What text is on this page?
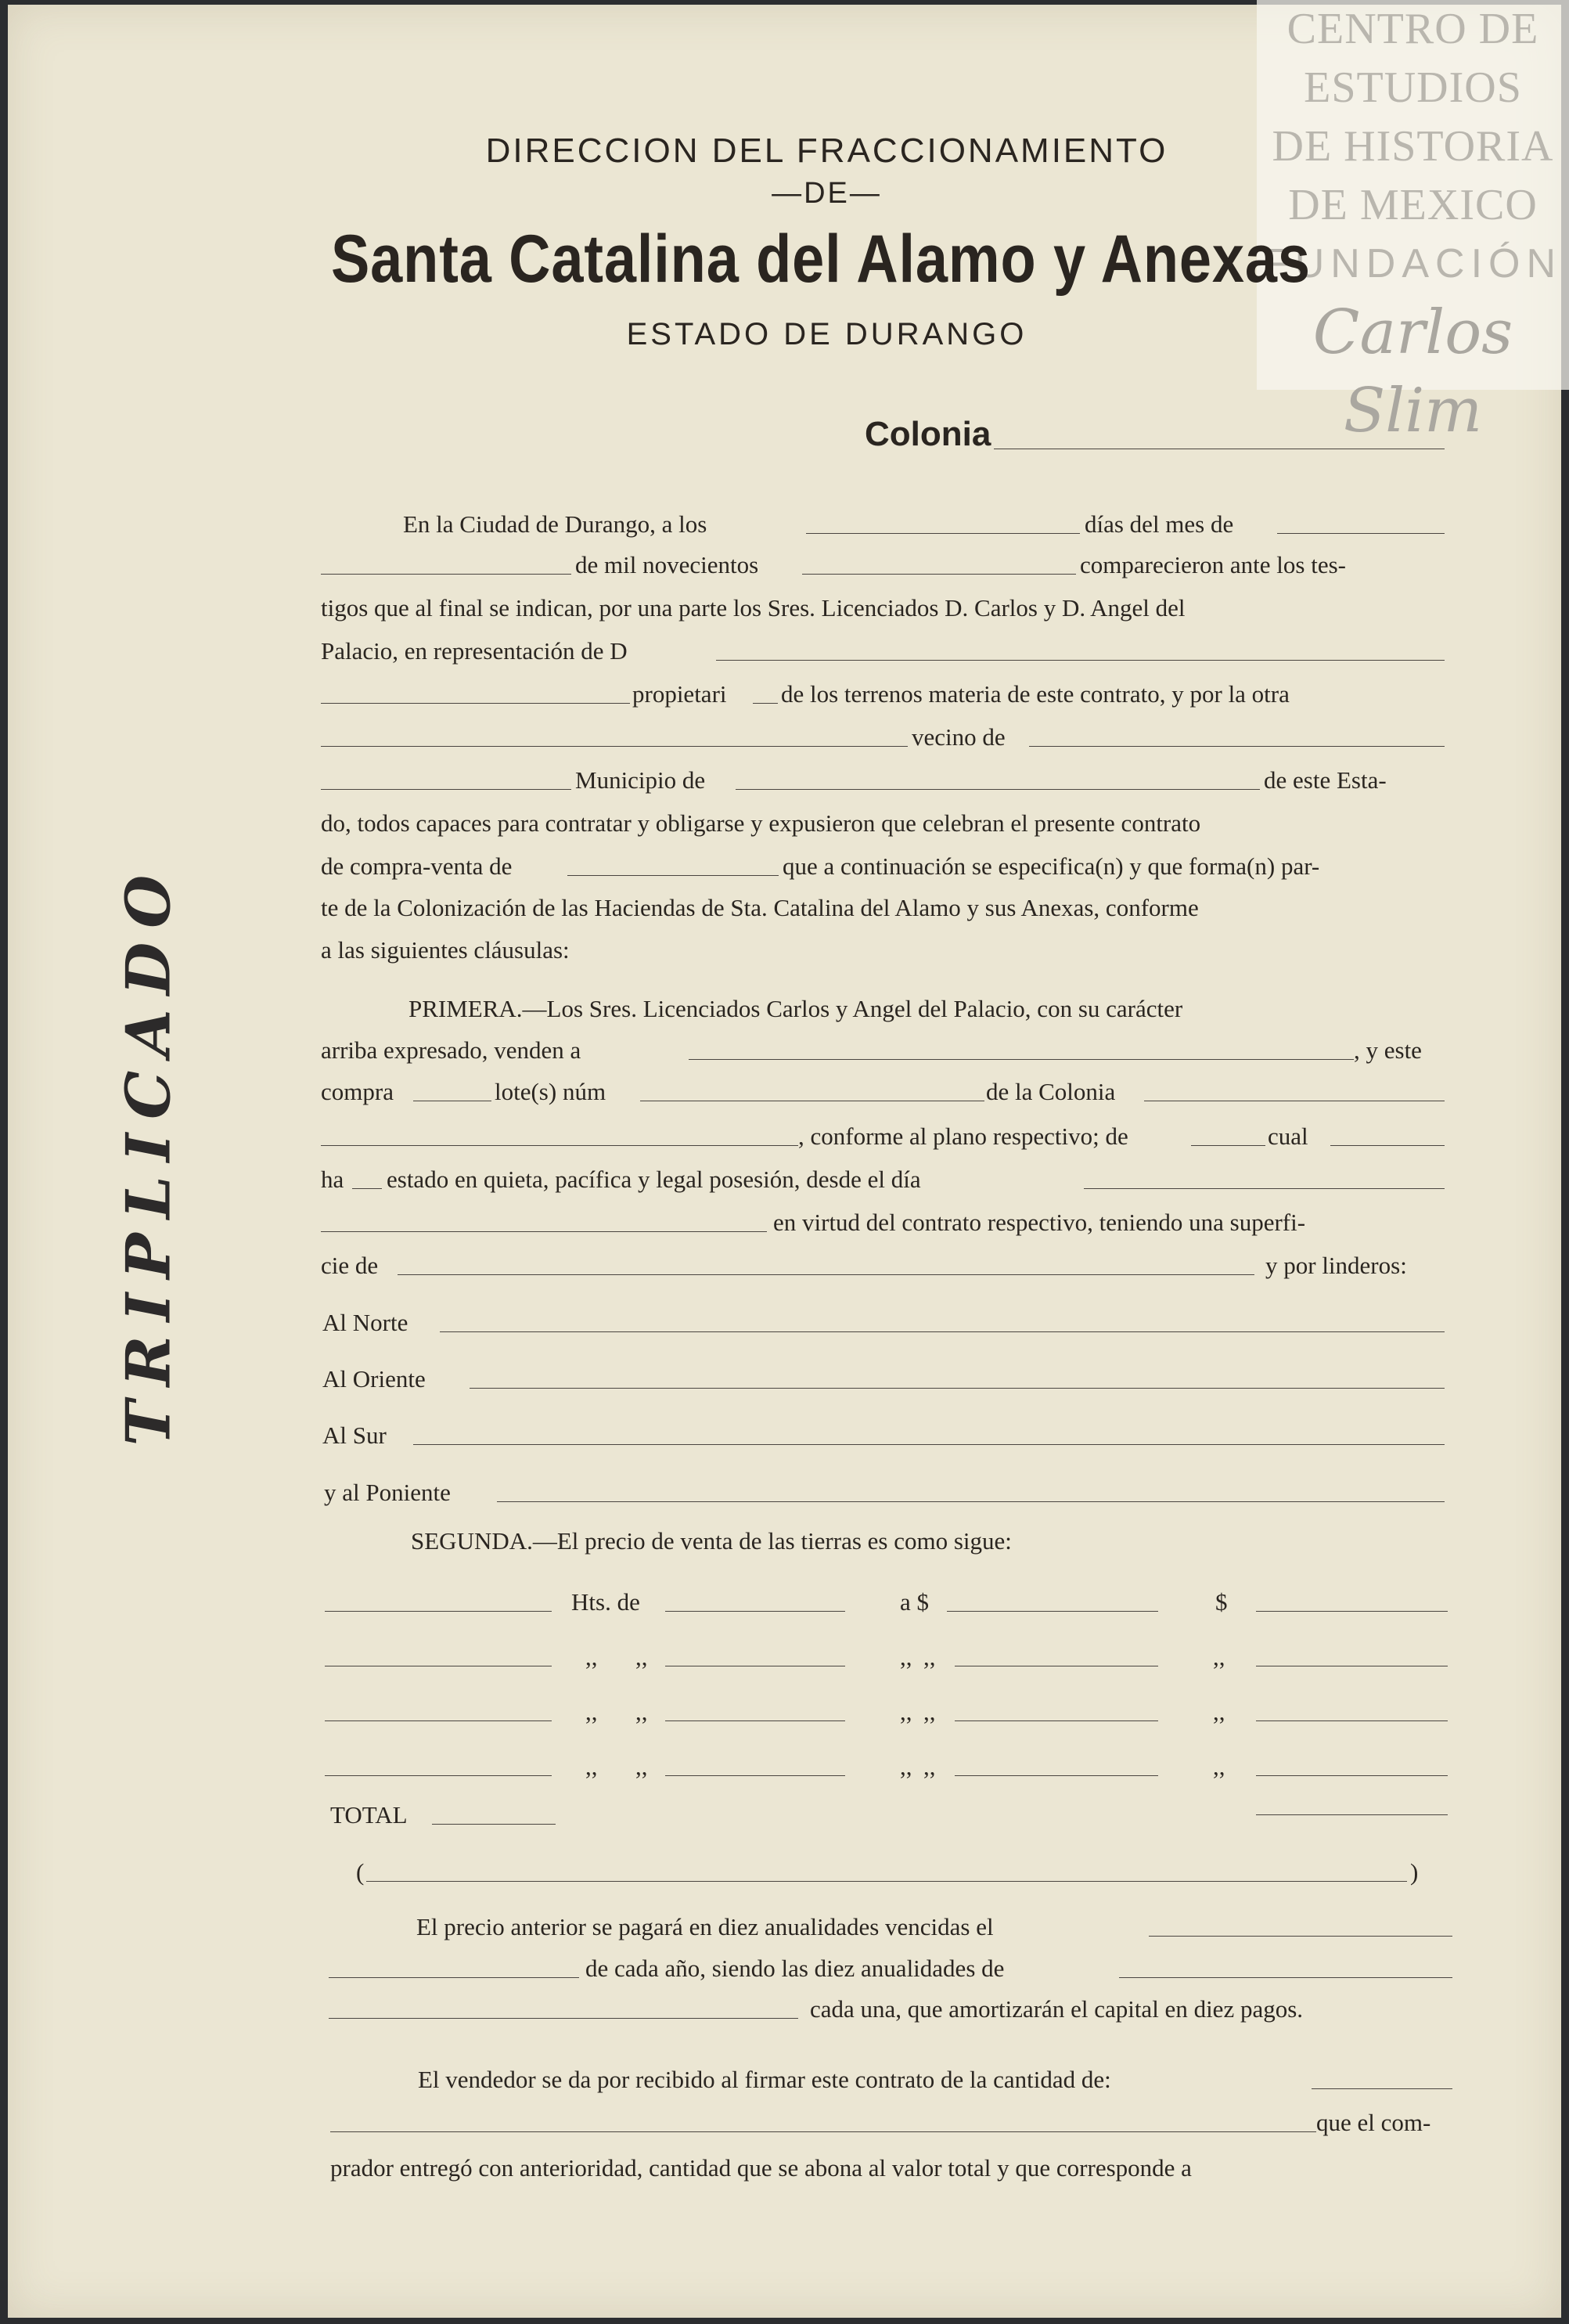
CENTRO DE
ESTUDIOS
DE HISTORIA
DE MEXICO
FUNDACIÓN
Carlos Slim
TRIPLICADO
DIRECCION DEL FRACCIONAMIENTO
—DE—
Santa Catalina del Alamo y Anexas
ESTADO DE DURANGO
Colonia
En la Ciudad de Durango, a los	días del mes de
de mil novecientos	comparecieron ante los tes-
tigos que al final se indican, por una parte los Sres. Licenciados D. Carlos y D. Angel del
Palacio, en representación de D
propietari de los terrenos materia de este contrato, y por la otra
vecino de
Municipio de	de este Esta-
do, todos capaces para contratar y obligarse y expusieron que celebran el presente contrato
de compra-venta de	que a continuación se especifica(n) y que forma(n) par-
te de la Colonización de las Haciendas de Sta. Catalina del Alamo y sus Anexas, conforme
a las siguientes cláusulas:
PRIMERA.—Los Sres. Licenciados Carlos y Angel del Palacio, con su carácter
arriba expresado, venden a	, y este
compra	lote(s) núm	de la Colonia
, conforme al plano respectivo; de	cual
ha estado en quieta, pacífica y legal posesión, desde el día
en virtud del contrato respectivo, teniendo una superfi-
cie de	y por linderos:
Al Norte
Al Oriente
Al Sur
y al Poniente
SEGUNDA.—El precio de venta de las tierras es como sigue:
Hts. de	a $	$
,, ,,	,, ,,	,,
,, ,,	,, ,,	,,
,, ,,	,, ,,	,,
TOTAL
(	)
El precio anterior se pagará en diez anualidades vencidas el
de cada año, siendo las diez anualidades de
cada una, que amortizarán el capital en diez pagos.
El vendedor se da por recibido al firmar este contrato de la cantidad de:
que el com-
prador entregó con anterioridad, cantidad que se abona al valor total y que corresponde a
